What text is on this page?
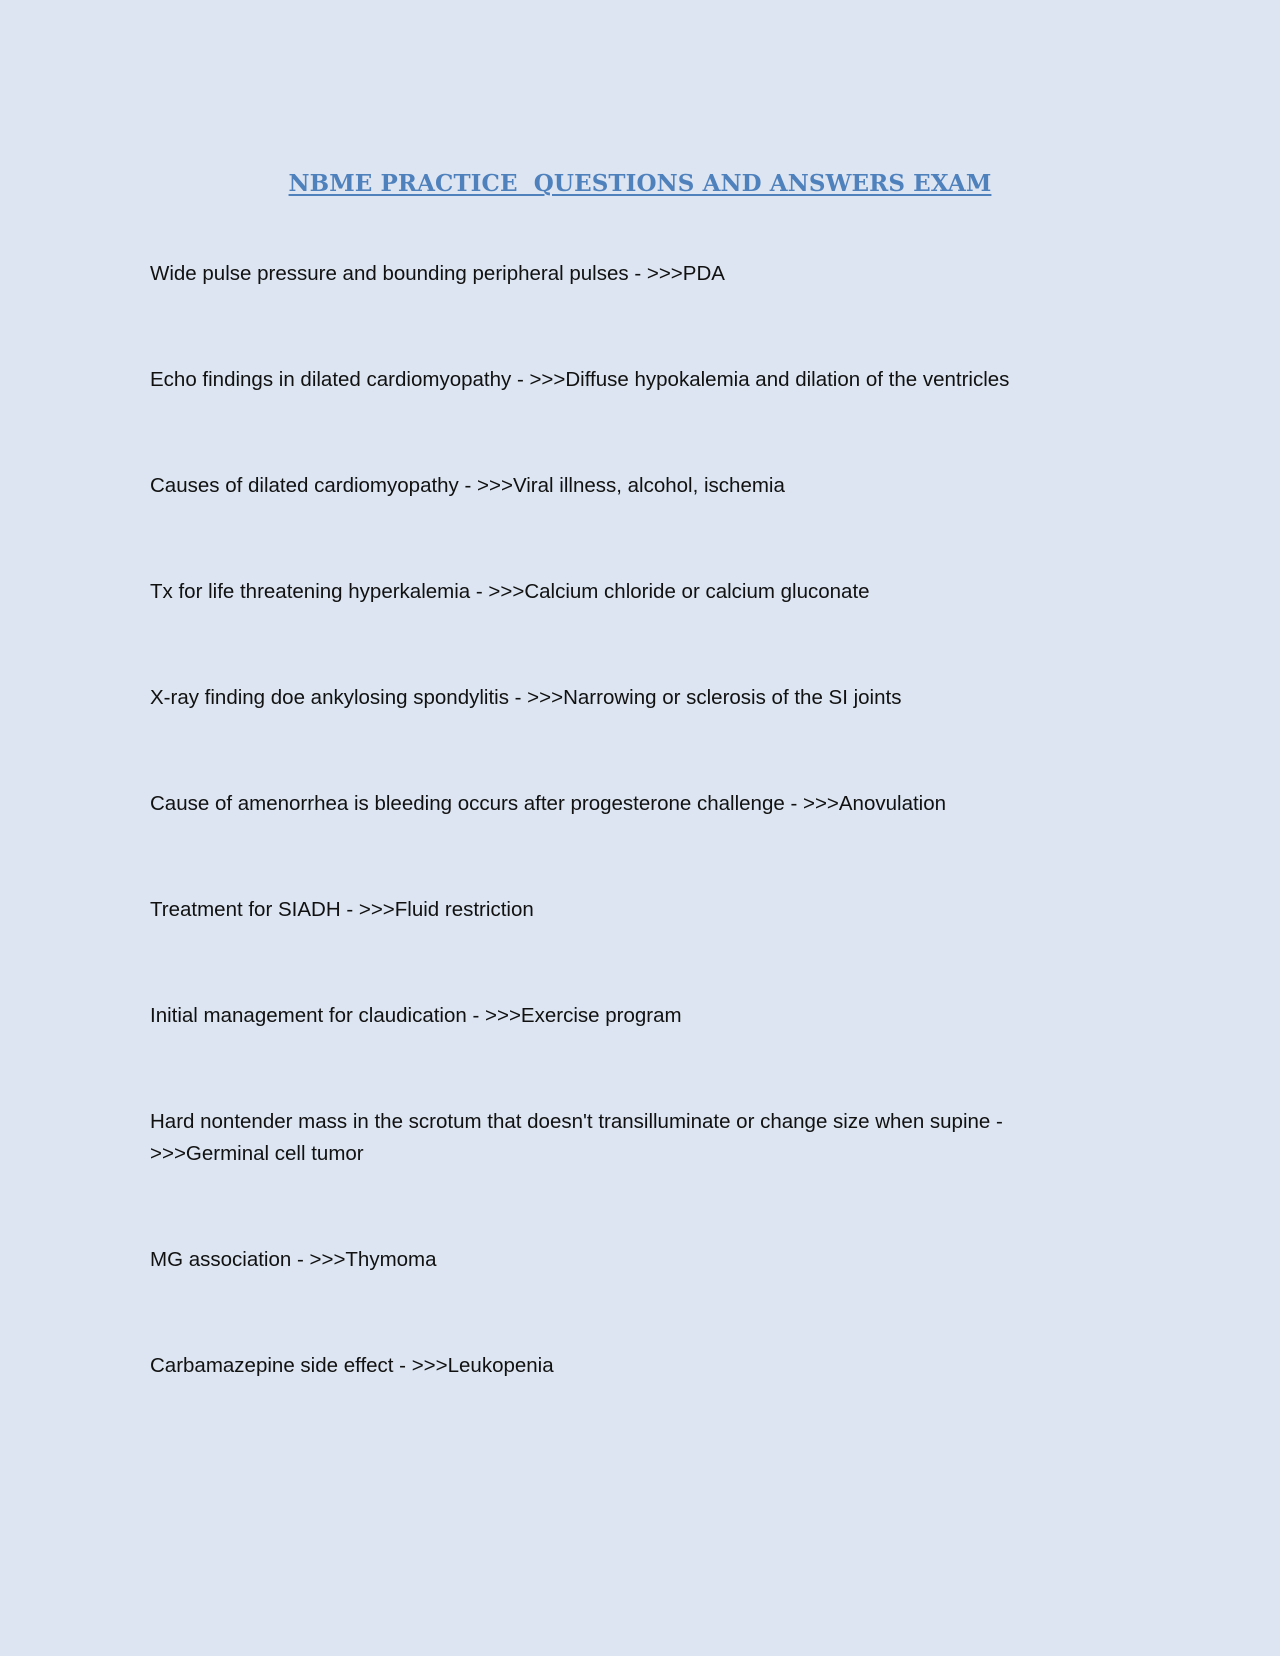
NBME PRACTICE  QUESTIONS AND ANSWERS EXAM
Wide pulse pressure and bounding peripheral pulses - >>>PDA
Echo findings in dilated cardiomyopathy - >>>Diffuse hypokalemia and dilation of the ventricles
Causes of dilated cardiomyopathy - >>>Viral illness, alcohol, ischemia
Tx for life threatening hyperkalemia - >>>Calcium chloride or calcium gluconate
X-ray finding doe ankylosing spondylitis - >>>Narrowing or sclerosis of the SI joints
Cause of amenorrhea is bleeding occurs after progesterone challenge - >>>Anovulation
Treatment for SIADH - >>>Fluid restriction
Initial management for claudication - >>>Exercise program
Hard nontender mass in the scrotum that doesn't transilluminate or change size when supine -
>>>Germinal cell tumor
MG association - >>>Thymoma
Carbamazepine side effect - >>>Leukopenia
